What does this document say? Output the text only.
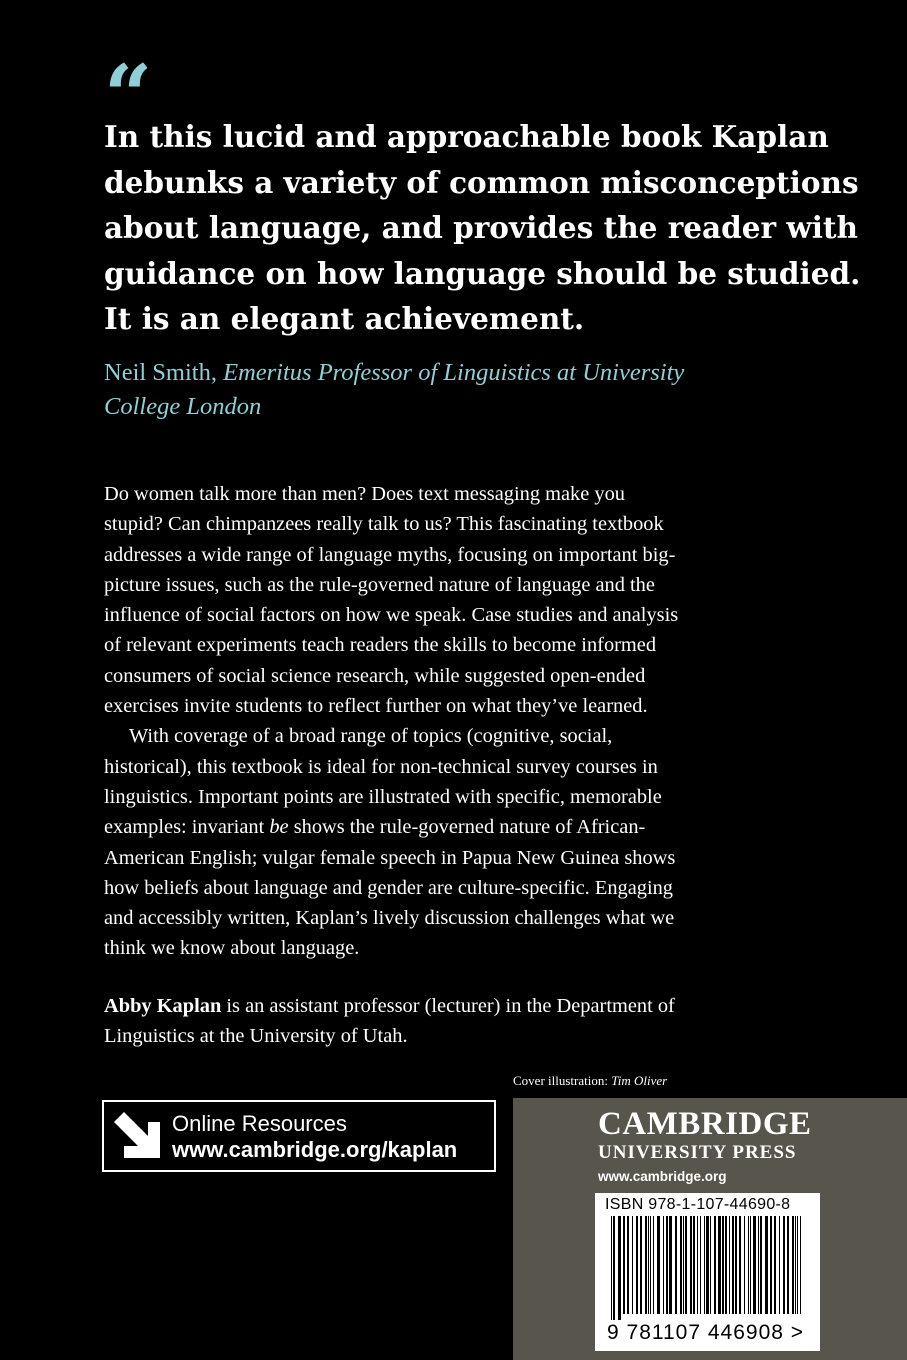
“
In this lucid and approachable book Kaplan
debunks a variety of common misconceptions
about language, and provides the reader with
guidance on how language should be studied.
It is an elegant achievement.
Neil Smith, Emeritus Professor of Linguistics at University
College London

Do women talk more than men? Does text messaging make you
stupid? Can chimpanzees really talk to us? This fascinating textbook
addresses a wide range of language myths, focusing on important big-
picture issues, such as the rule-governed nature of language and the
influence of social factors on how we speak. Case studies and analysis
of relevant experiments teach readers the skills to become informed
consumers of social science research, while suggested open-ended
exercises invite students to reflect further on what they’ve learned.

With coverage of a broad range of topics (cognitive, social,
historical), this textbook is ideal for non-technical survey courses in
linguistics. Important points are illustrated with specific, memorable
examples: invariant be shows the rule-governed nature of African-
American English; vulgar female speech in Papua New Guinea shows
how beliefs about language and gender are culture-specific. Engaging
and accessibly written, Kaplan’s lively discussion challenges what we
think we know about language.

Abby Kaplan is an assistant professor (lecturer) in the Department of
Linguistics at the University of Utah.
Cover illustration: Tim Oliver
Online Resources
www.cambridge.org/kaplan
CAMBRIDGE
UNIVERSITY PRESS
www.cambridge.org
ISBN 978-1-107-44690-8
9 781107 446908 >
